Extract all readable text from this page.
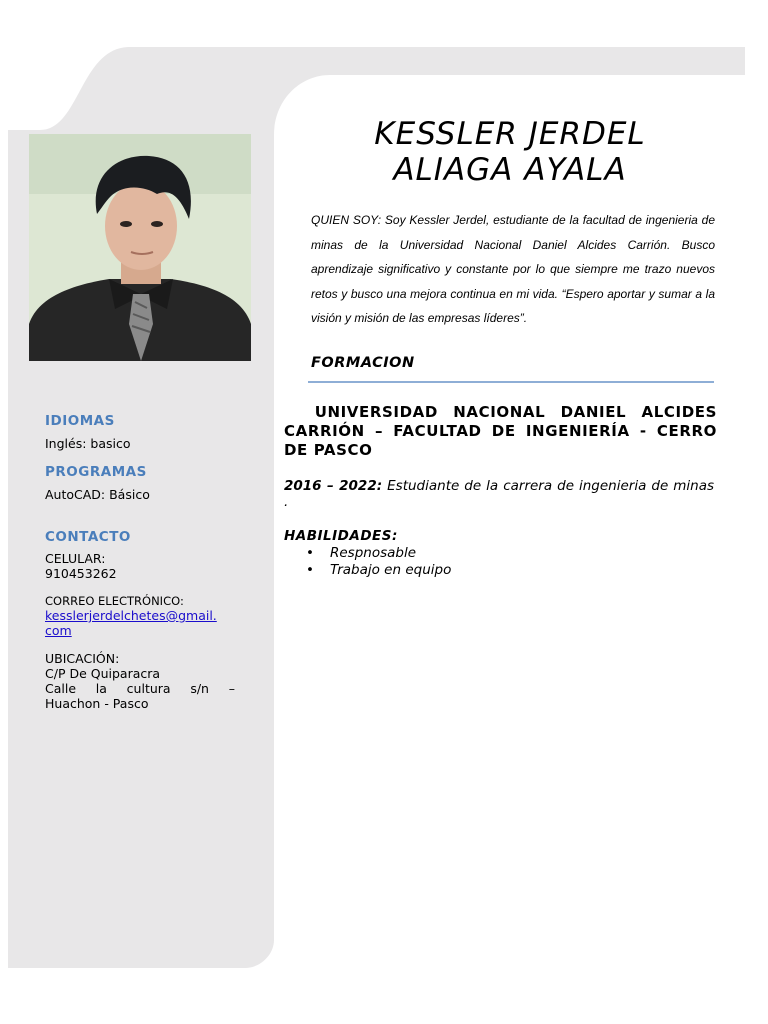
IDIOMAS
Inglés: basico
PROGRAMAS
AutoCAD: Básico
CONTACTO
CELULAR:
910453262
CORREO ELECTRÓNICO:
kesslerjerdelchetes@gmail.
com
UBICACIÓN:
C/P De Quiparacra
Calle la cultura s/n –
Huachon - Pasco
KESSLER JERDEL
ALIAGA AYALA
QUIEN SOY: Soy Kessler Jerdel, estudiante de la facultad de ingenieria de minas de la Universidad Nacional Daniel Alcides Carrión. Busco aprendizaje significativo y constante por lo que siempre me trazo nuevos retos y busco una mejora continua en mi vida. “Espero aportar y sumar a la visión y misión de las empresas líderes”.
FORMACION
UNIVERSIDAD NACIONAL DANIEL ALCIDES CARRIÓN – FACULTAD DE INGENIERÍA - CERRO DE PASCO
2016 – 2022: Estudiante de la carrera de ingenieria de minas .
HABILIDADES:
• Respnosable
• Trabajo en equipo
